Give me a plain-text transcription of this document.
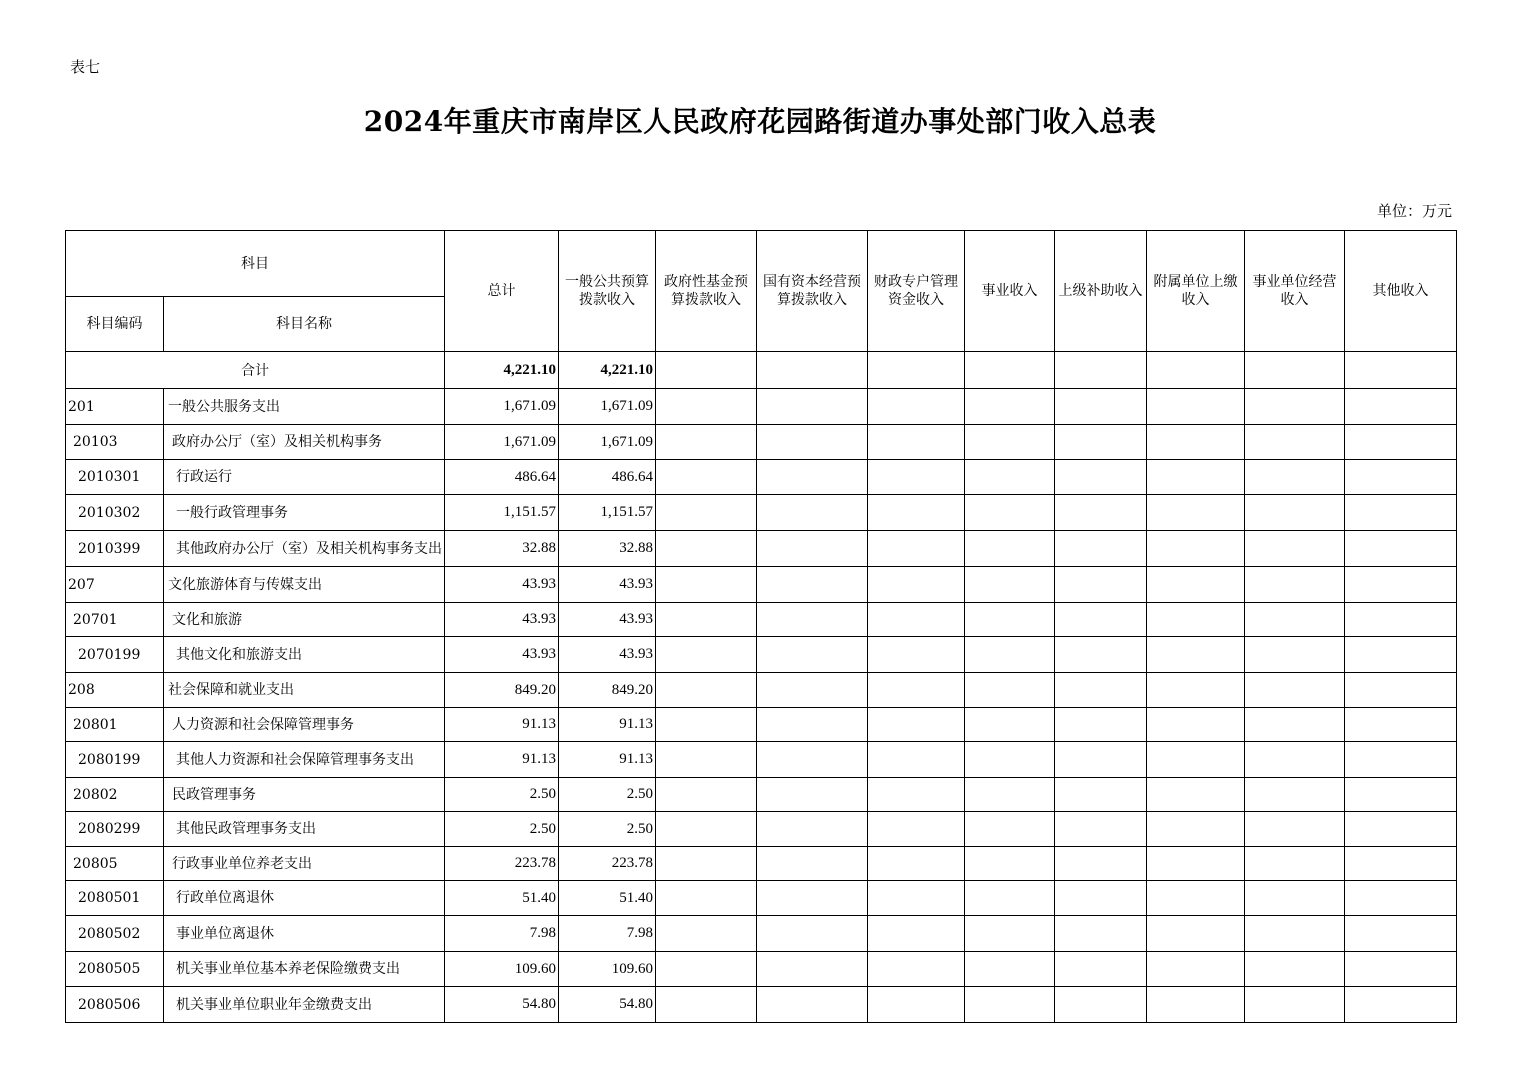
表七
2024年重庆市南岸区人民政府花园路街道办事处部门收入总表
单位：万元
科目		总计	一般公共预算拨款收入	政府性基金预算拨款收入	国有资本经营预算拨款收入	财政专户管理资金收入	事业收入	上级补助收入	附属单位上缴收入	事业单位经营收入	其他收入
科目编码	科目名称										
合计		4,221.10	4,221.10								
201	一般公共服务支出	1,671.09	1,671.09								
20103	政府办公厅（室）及相关机构事务	1,671.09	1,671.09								
2010301	行政运行	486.64	486.64								
2010302	一般行政管理事务	1,151.57	1,151.57								
2010399	其他政府办公厅（室）及相关机构事务支出	32.88	32.88								
207	文化旅游体育与传媒支出	43.93	43.93								
20701	文化和旅游	43.93	43.93								
2070199	其他文化和旅游支出	43.93	43.93								
208	社会保障和就业支出	849.20	849.20								
20801	人力资源和社会保障管理事务	91.13	91.13								
2080199	其他人力资源和社会保障管理事务支出	91.13	91.13								
20802	民政管理事务	2.50	2.50								
2080299	其他民政管理事务支出	2.50	2.50								
20805	行政事业单位养老支出	223.78	223.78								
2080501	行政单位离退休	51.40	51.40								
2080502	事业单位离退休	7.98	7.98								
2080505	机关事业单位基本养老保险缴费支出	109.60	109.60								
2080506	机关事业单位职业年金缴费支出	54.80	54.80								
